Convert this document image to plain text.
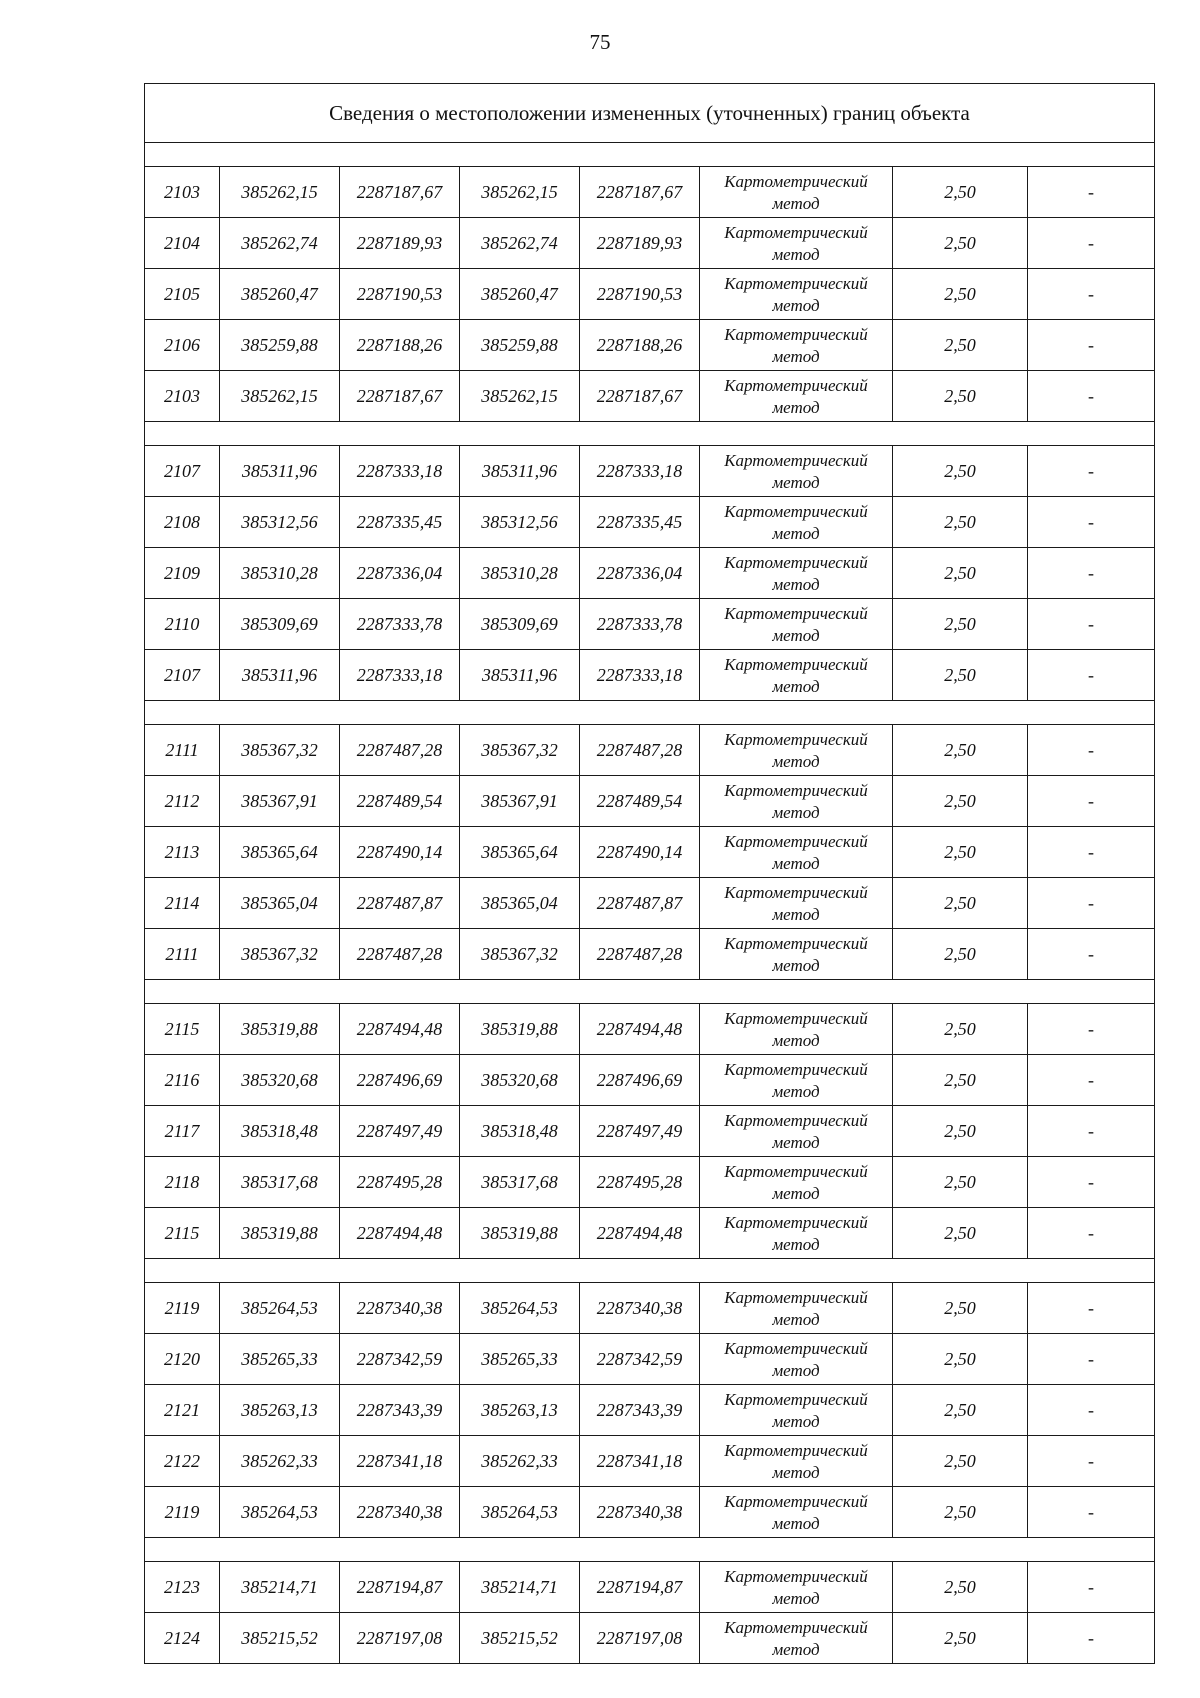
75
Сведения о местоположении измененных (уточненных) границ объекта							

2103	385262,15	2287187,67	385262,15	2287187,67	Картометрический метод	2,50	-
2104	385262,74	2287189,93	385262,74	2287189,93	Картометрический метод	2,50	-
2105	385260,47	2287190,53	385260,47	2287190,53	Картометрический метод	2,50	-
2106	385259,88	2287188,26	385259,88	2287188,26	Картометрический метод	2,50	-
2103	385262,15	2287187,67	385262,15	2287187,67	Картометрический метод	2,50	-

2107	385311,96	2287333,18	385311,96	2287333,18	Картометрический метод	2,50	-
2108	385312,56	2287335,45	385312,56	2287335,45	Картометрический метод	2,50	-
2109	385310,28	2287336,04	385310,28	2287336,04	Картометрический метод	2,50	-
2110	385309,69	2287333,78	385309,69	2287333,78	Картометрический метод	2,50	-
2107	385311,96	2287333,18	385311,96	2287333,18	Картометрический метод	2,50	-

2111	385367,32	2287487,28	385367,32	2287487,28	Картометрический метод	2,50	-
2112	385367,91	2287489,54	385367,91	2287489,54	Картометрический метод	2,50	-
2113	385365,64	2287490,14	385365,64	2287490,14	Картометрический метод	2,50	-
2114	385365,04	2287487,87	385365,04	2287487,87	Картометрический метод	2,50	-
2111	385367,32	2287487,28	385367,32	2287487,28	Картометрический метод	2,50	-

2115	385319,88	2287494,48	385319,88	2287494,48	Картометрический метод	2,50	-
2116	385320,68	2287496,69	385320,68	2287496,69	Картометрический метод	2,50	-
2117	385318,48	2287497,49	385318,48	2287497,49	Картометрический метод	2,50	-
2118	385317,68	2287495,28	385317,68	2287495,28	Картометрический метод	2,50	-
2115	385319,88	2287494,48	385319,88	2287494,48	Картометрический метод	2,50	-

2119	385264,53	2287340,38	385264,53	2287340,38	Картометрический метод	2,50	-
2120	385265,33	2287342,59	385265,33	2287342,59	Картометрический метод	2,50	-
2121	385263,13	2287343,39	385263,13	2287343,39	Картометрический метод	2,50	-
2122	385262,33	2287341,18	385262,33	2287341,18	Картометрический метод	2,50	-
2119	385264,53	2287340,38	385264,53	2287340,38	Картометрический метод	2,50	-

2123	385214,71	2287194,87	385214,71	2287194,87	Картометрический метод	2,50	-
2124	385215,52	2287197,08	385215,52	2287197,08	Картометрический метод	2,50	-
